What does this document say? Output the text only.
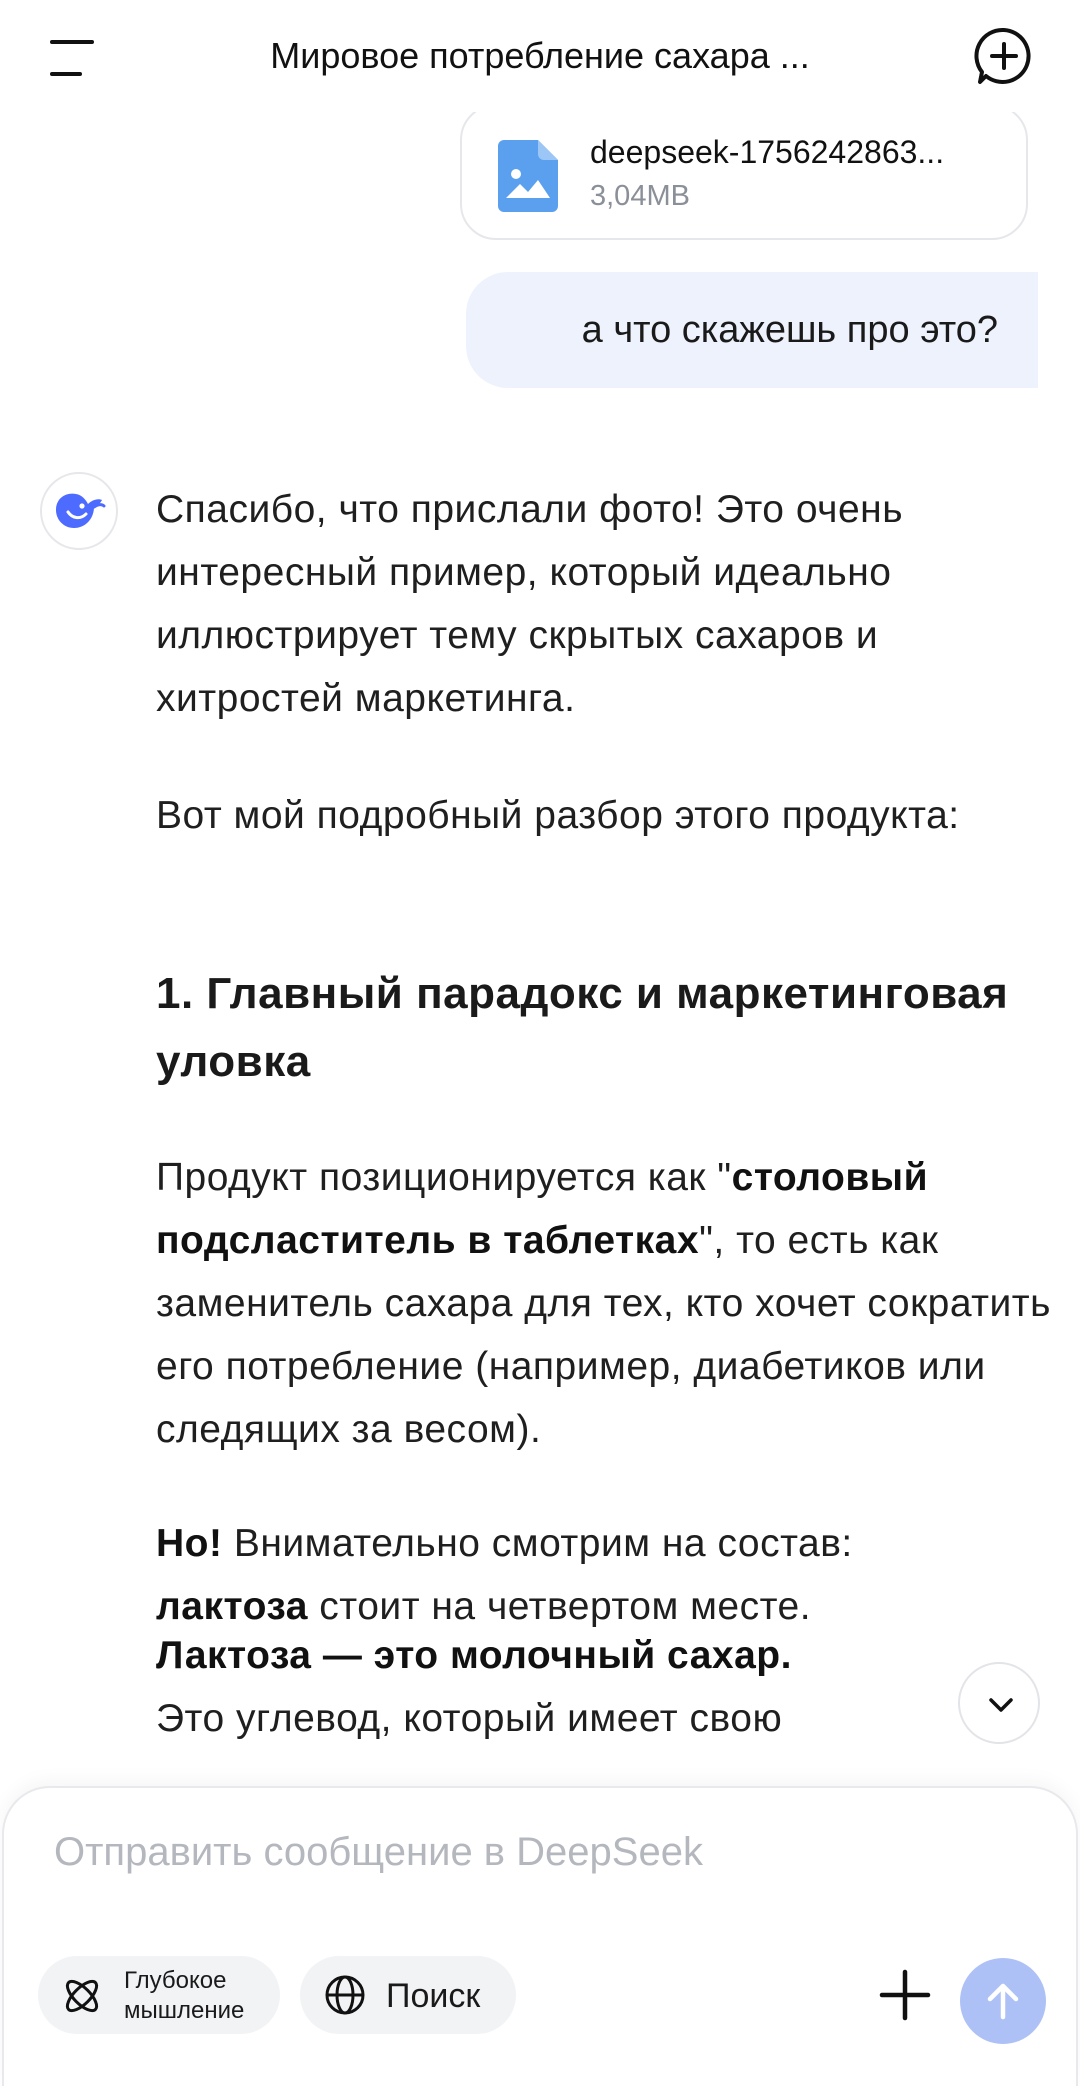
Мировое потребление сахара ...
deepseek-1756242863...
3,04MB
а что скажешь про это?

Спасибо, что прислали фото! Это очень интересный пример, который идеально иллюстрирует тему скрытых сахаров и хитростей маркетинга.

Вот мой подробный разбор этого продукта:

1. Главный парадокс и маркетинговая уловка

Продукт позиционируется как "столовый подсластитель в таблетках", то есть как заменитель сахара для тех, кто хочет сократить его потребление (например, диабетиков или следящих за весом).

Но! Внимательно смотрим на состав:
лактоза стоит на четвертом месте.

Лактоза — это молочный сахар.
Это углевод, который имеет свою

Отправить сообщение в DeepSeek
Глубокое мышление	Поиск
